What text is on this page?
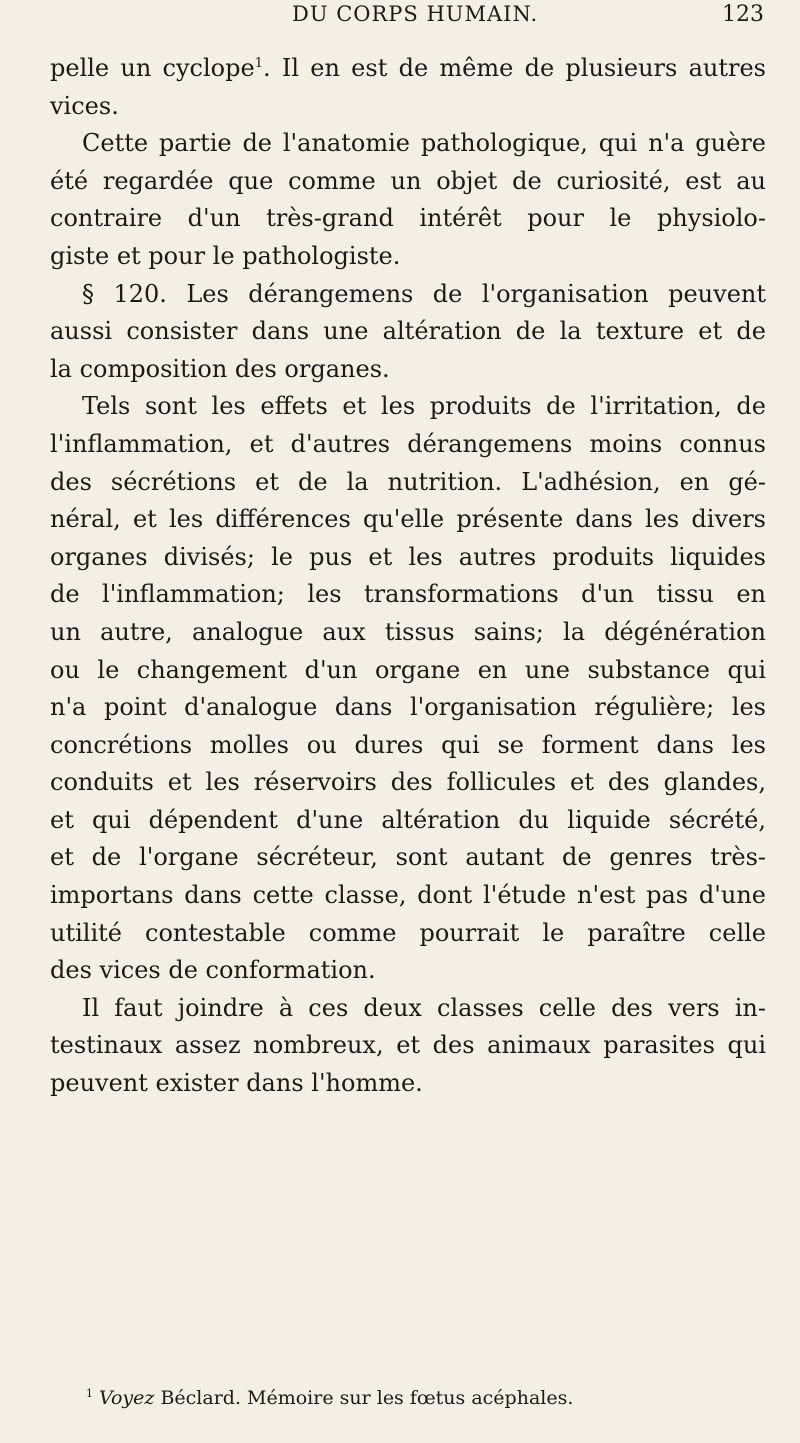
DU CORPS HUMAIN.	123
pelle un cyclope$^1$. Il en est de même de plusieurs autres
vices.
Cette partie de l'anatomie pathologique, qui n'a guère
été regardée que comme un objet de curiosité, est au
contraire d'un très-grand intérêt pour le physiolo-
giste et pour le pathologiste.
§ 120. Les dérangemens de l'organisation peuvent
aussi consister dans une altération de la texture et de
la composition des organes.
Tels sont les effets et les produits de l'irritation, de
l'inflammation, et d'autres dérangemens moins connus
des sécrétions et de la nutrition. L'adhésion, en gé-
néral, et les différences qu'elle présente dans les divers
organes divisés; le pus et les autres produits liquides
de l'inflammation; les transformations d'un tissu en
un autre, analogue aux tissus sains; la dégénération
ou le changement d'un organe en une substance qui
n'a point d'analogue dans l'organisation régulière; les
concrétions molles ou dures qui se forment dans les
conduits et les réservoirs des follicules et des glandes,
et qui dépendent d'une altération du liquide sécrété,
et de l'organe sécréteur, sont autant de genres très-
importans dans cette classe, dont l'étude n'est pas d'une
utilité contestable comme pourrait le paraître celle
des vices de conformation.
Il faut joindre à ces deux classes celle des vers in-
testinaux assez nombreux, et des animaux parasites qui
peuvent exister dans l'homme.
$^1$ Voyez Béclard. Mémoire sur les fœtus acéphales.
